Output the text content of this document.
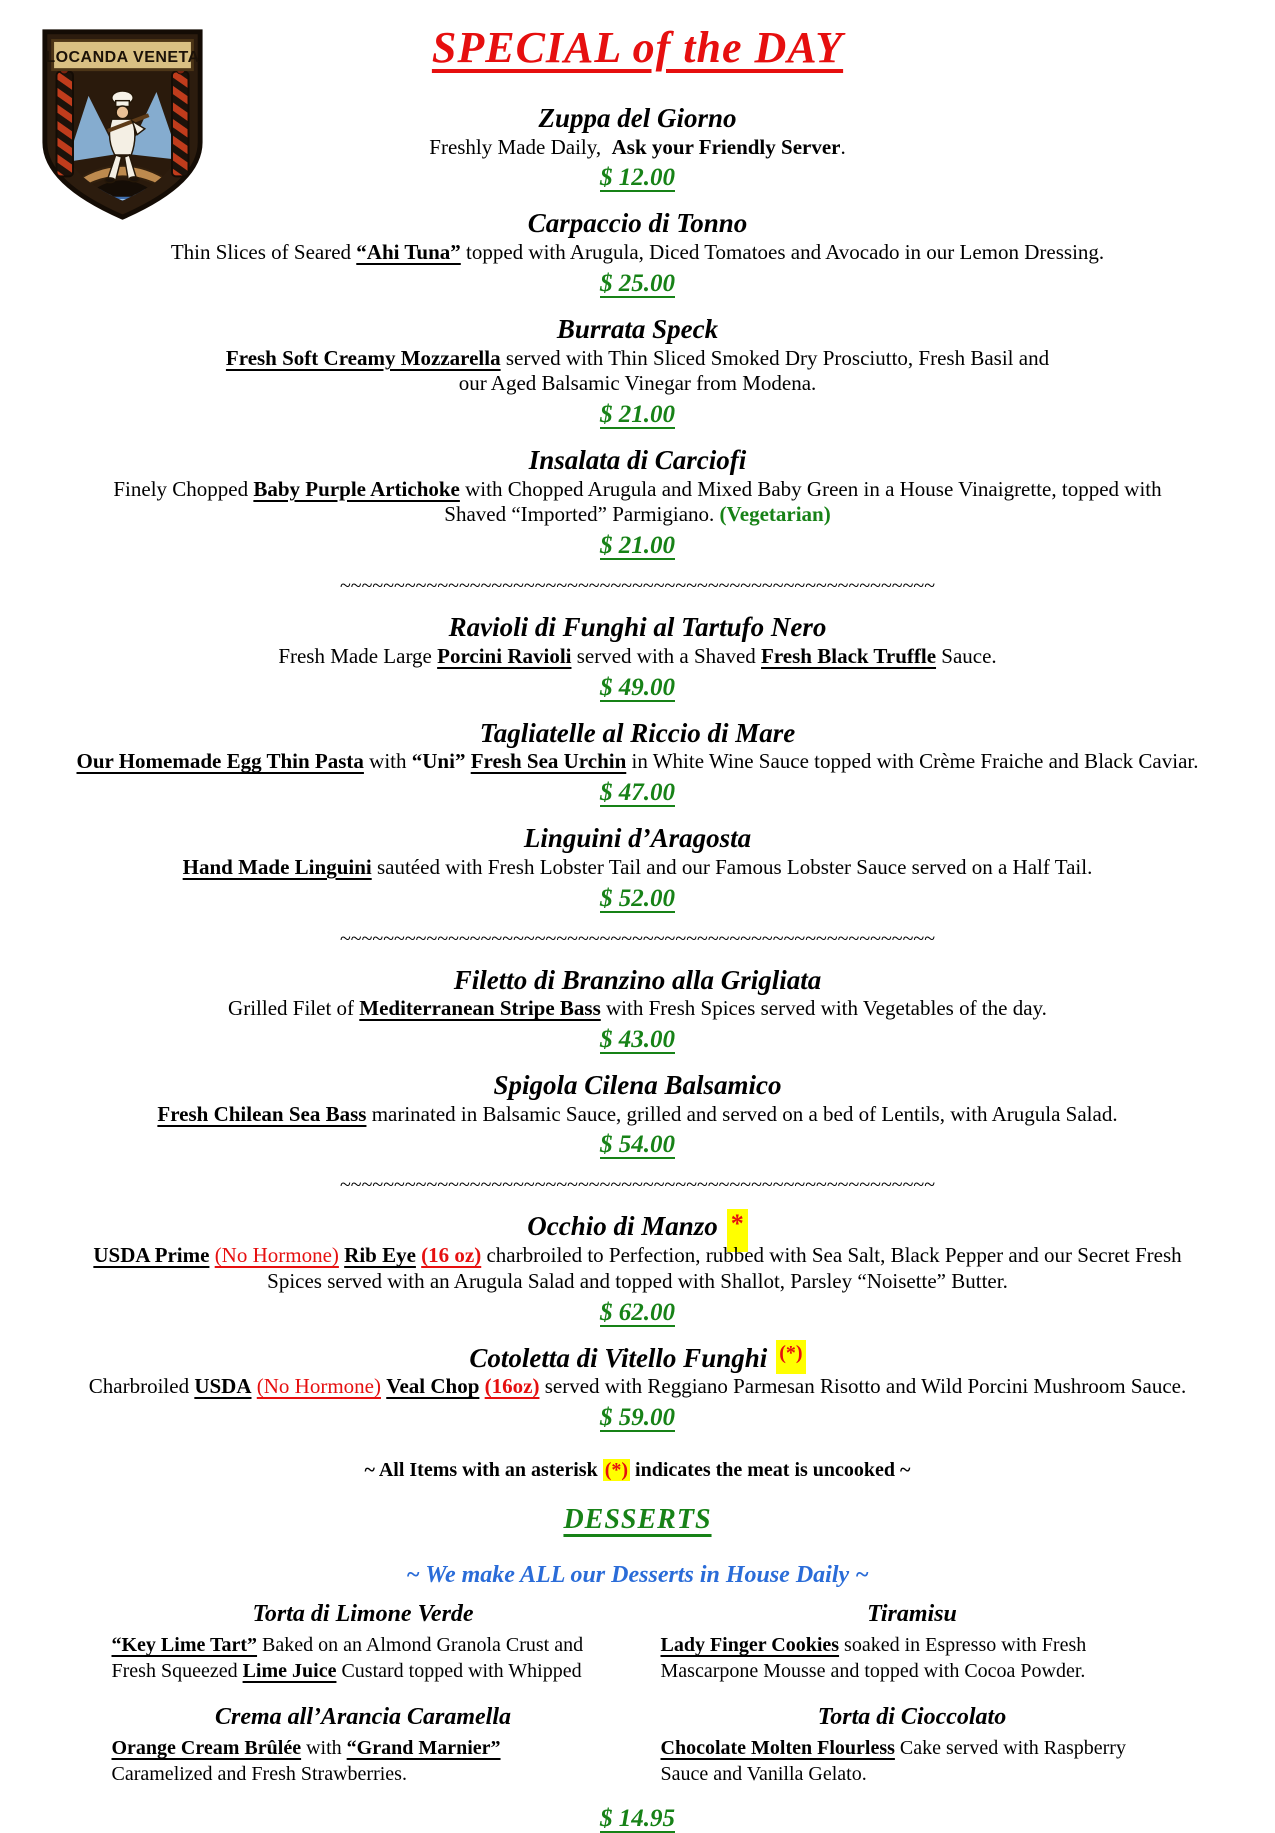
LOCANDA VENETA	SPECIAL of the DAY
Zuppa del Giorno
Freshly Made Daily,  Ask your Friendly Server.
$ 12.00
Carpaccio di Tonno
Thin Slices of Seared “Ahi Tuna” topped with Arugula, Diced Tomatoes and Avocado in our Lemon Dressing.
$ 25.00
Burrata Speck
Fresh Soft Creamy Mozzarella served with Thin Sliced Smoked Dry Prosciutto, Fresh Basil and
our Aged Balsamic Vinegar from Modena.
$ 21.00
Insalata di Carciofi
Finely Chopped Baby Purple Artichoke with Chopped Arugula and Mixed Baby Green in a House Vinaigrette, topped with
Shaved “Imported” Parmigiano. (Vegetarian)
$ 21.00
~~~~~~~~~~~~~~~~~~~~~~~~~~~~~~~~~~~~~~~~~~~~~~~~~~~~~~~
Ravioli di Funghi al Tartufo Nero
Fresh Made Large Porcini Ravioli served with a Shaved Fresh Black Truffle Sauce.
$ 49.00
Tagliatelle al Riccio di Mare
Our Homemade Egg Thin Pasta with “Uni” Fresh Sea Urchin in White Wine Sauce topped with Crème Fraiche and Black Caviar.
$ 47.00
Linguini d’Aragosta
Hand Made Linguini sautéed with Fresh Lobster Tail and our Famous Lobster Sauce served on a Half Tail.
$ 52.00
~~~~~~~~~~~~~~~~~~~~~~~~~~~~~~~~~~~~~~~~~~~~~~~~~~~~~~~
Filetto di Branzino alla Grigliata
Grilled Filet of Mediterranean Stripe Bass with Fresh Spices served with Vegetables of the day.
$ 43.00
Spigola Cilena Balsamico
Fresh Chilean Sea Bass marinated in Balsamic Sauce, grilled and served on a bed of Lentils, with Arugula Salad.
$ 54.00
~~~~~~~~~~~~~~~~~~~~~~~~~~~~~~~~~~~~~~~~~~~~~~~~~~~~~~~
Occhio di Manzo *
USDA Prime (No Hormone) Rib Eye (16 oz) charbroiled to Perfection, rubbed with Sea Salt, Black Pepper and our Secret Fresh
Spices served with an Arugula Salad and topped with Shallot, Parsley “Noisette” Butter.
$ 62.00
Cotoletta di Vitello Funghi (*)
Charbroiled USDA (No Hormone) Veal Chop (16oz) served with Reggiano Parmesan Risotto and Wild Porcini Mushroom Sauce.
$ 59.00
~ All Items with an asterisk (*) indicates the meat is uncooked ~
DESSERTS
~ We make ALL our Desserts in House Daily ~
Torta di Limone Verde
“Key Lime Tart” Baked on an Almond Granola Crust and
Fresh Squeezed Lime Juice Custard topped with Whipped
Tiramisu
Lady Finger Cookies soaked in Espresso with Fresh
Mascarpone Mousse and topped with Cocoa Powder.
Crema all’Arancia Caramella
Orange Cream Brûlée with “Grand Marnier”
Caramelized and Fresh Strawberries.
Torta di Cioccolato
Chocolate Molten Flourless Cake served with Raspberry
Sauce and Vanilla Gelato.
$ 14.95
